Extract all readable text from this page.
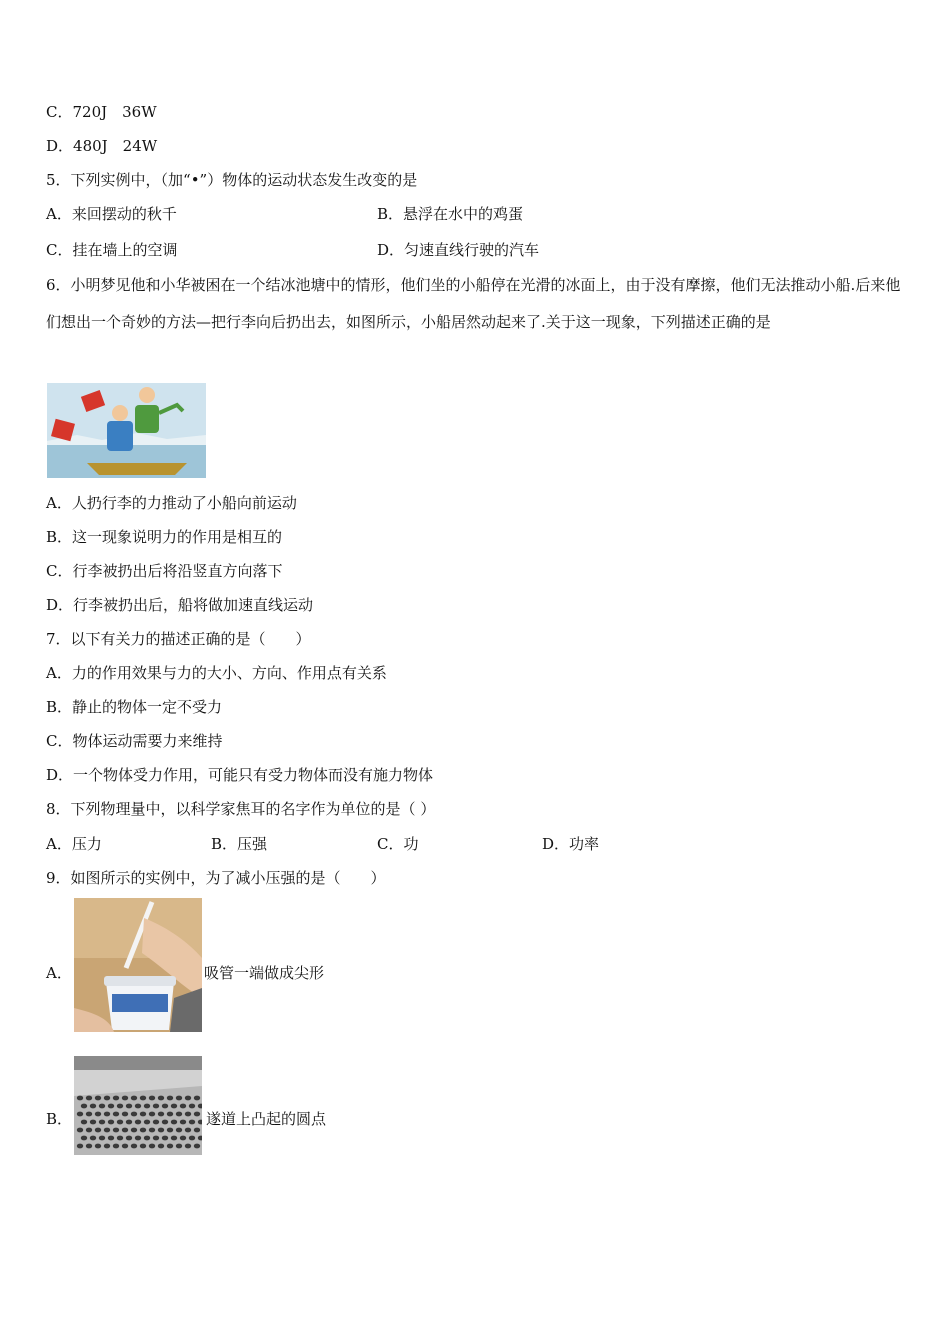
C．720J　36W
D．480J　24W
5．下列实例中，（加“•”）物体的运动状态发生改变的是
A．来回摆动的秋千	B．悬浮在水中的鸡蛋
C．挂在墙上的空调	D．匀速直线行驶的汽车
6．小明梦见他和小华被困在一个结冰池塘中的情形，他们坐的小船停在光滑的冰面上，由于没有摩擦，他们无法推动小船.后来他们想出一个奇妙的方法—把行李向后扔出去，如图所示，小船居然动起来了.关于这一现象，下列描述正确的是
A．人扔行李的力推动了小船向前运动
B．这一现象说明力的作用是相互的
C．行李被扔出后将沿竖直方向落下
D．行李被扔出后，船将做加速直线运动
7．以下有关力的描述正确的是（　　）
A．力的作用效果与力的大小、方向、作用点有关系
B．静止的物体一定不受力
C．物体运动需要力来维持
D．一个物体受力作用，可能只有受力物体而没有施力物体
8．下列物理量中，以科学家焦耳的名字作为单位的是（ ）
A．压力	B．压强	C．功	D．功率
9．如图所示的实例中，为了减小压强的是（　　）
A．	吸管一端做成尖形
B．	遂道上凸起的圆点
